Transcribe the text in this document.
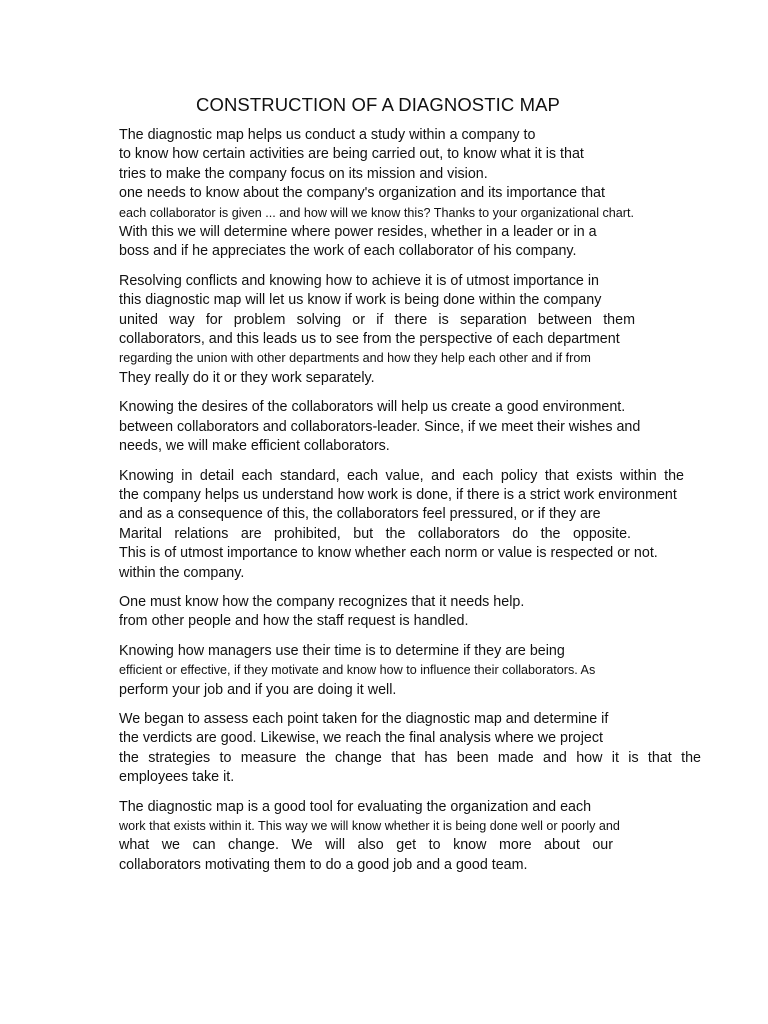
CONSTRUCTION OF A DIAGNOSTIC MAP
The diagnostic map helps us conduct a study within a company to
to know how certain activities are being carried out, to know what it is that
tries to make the company focus on its mission and vision.
one needs to know about the company's organization and its importance that
each collaborator is given ... and how will we know this? Thanks to your organizational chart.
With this we will determine where power resides, whether in a leader or in a
boss and if he appreciates the work of each collaborator of his company.
Resolving conflicts and knowing how to achieve it is of utmost importance in
this diagnostic map will let us know if work is being done within the company
united way for problem solving or if there is separation between them
collaborators, and this leads us to see from the perspective of each department
regarding the union with other departments and how they help each other and if from
They really do it or they work separately.
Knowing the desires of the collaborators will help us create a good environment.
between collaborators and collaborators-leader. Since, if we meet their wishes and
needs, we will make efficient collaborators.
Knowing in detail each standard, each value, and each policy that exists within the
the company helps us understand how work is done, if there is a strict work environment
and as a consequence of this, the collaborators feel pressured, or if they are
Marital relations are prohibited, but the collaborators do the opposite.
This is of utmost importance to know whether each norm or value is respected or not.
within the company.
One must know how the company recognizes that it needs help.
from other people and how the staff request is handled.
Knowing how managers use their time is to determine if they are being
efficient or effective, if they motivate and know how to influence their collaborators. As
perform your job and if you are doing it well.
We began to assess each point taken for the diagnostic map and determine if
the verdicts are good. Likewise, we reach the final analysis where we project
the strategies to measure the change that has been made and how it is that the
employees take it.
The diagnostic map is a good tool for evaluating the organization and each
work that exists within it. This way we will know whether it is being done well or poorly and
what we can change. We will also get to know more about our
collaborators motivating them to do a good job and a good team.
